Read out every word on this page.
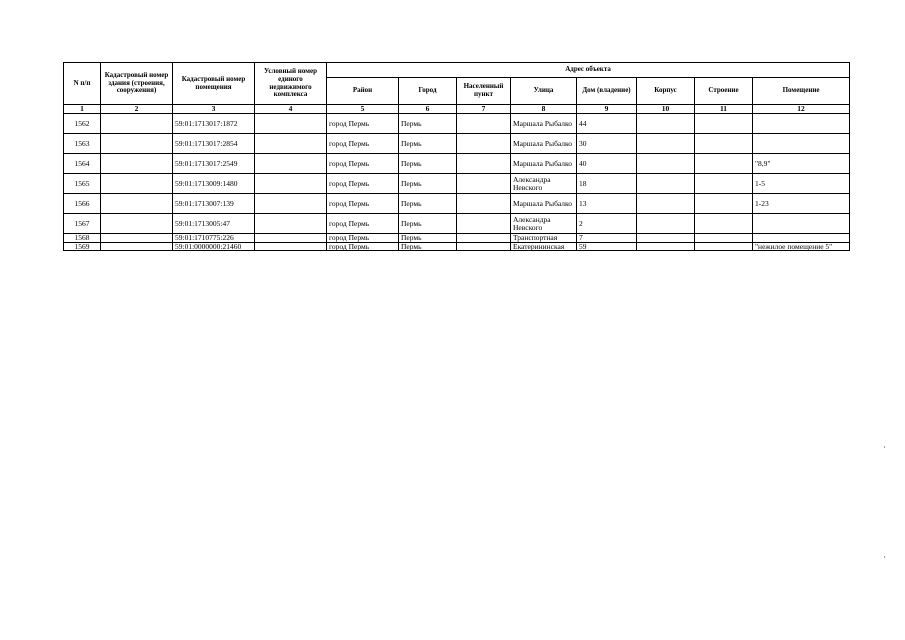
N п/п	Кадастровый номер здания (строения, сооружения)	Кадастровый номер помещения	Условный номер единого недвижимого комплекса	Адрес объекта							
				Район	Город	Населенный пункт	Улица	Дом (владение)	Корпус	Строение	Помещение
1	2	3	4	5	6	7	8	9	10	11	12
1562		59:01:1713017:1872		город Пермь	Пермь		Маршала Рыбалко	44			
1563		59:01:1713017:2854		город Пермь	Пермь		Маршала Рыбалко	30			
1564		59:01:1713017:2549		город Пермь	Пермь		Маршала Рыбалко	40			"8,9"
1565		59:01:1713009:1480		город Пермь	Пермь		Александра Невского	18			1-5
1566		59:01:1713007:139		город Пермь	Пермь		Маршала Рыбалко	13			1-23
1567		59:01:1713005:47		город Пермь	Пермь		Александра Невского	2			
1568		59:01:1710775:226		город Пермь	Пермь		Транспортная	7			
1569		59:01:0000000:21460		город Пермь	Пермь		Екатерининская	59			"нежилое помещение 5"
